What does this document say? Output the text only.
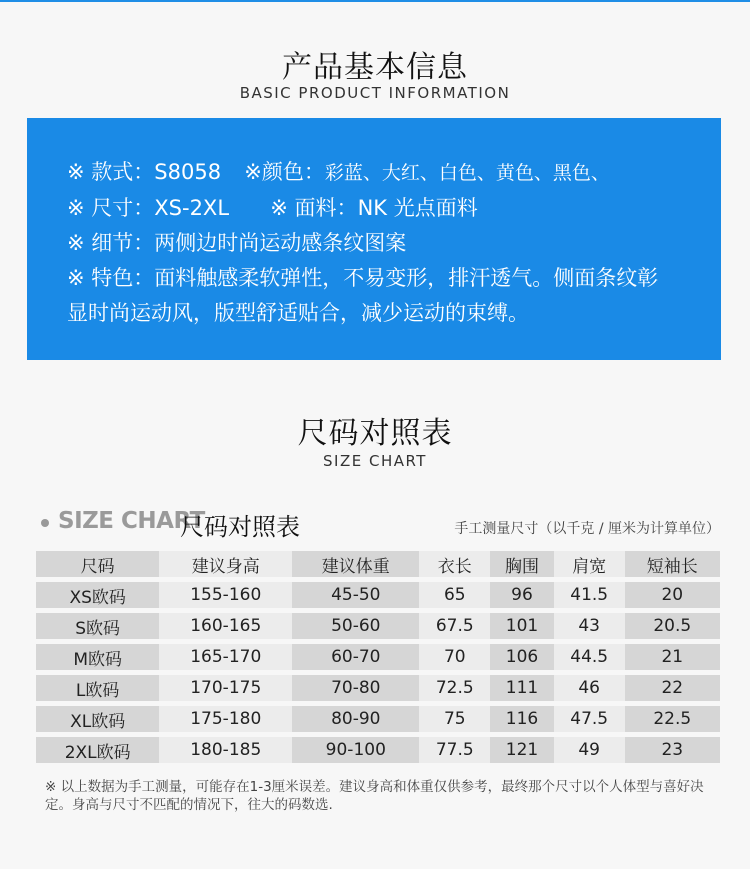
产品基本信息
BASIC PRODUCT INFORMATION
※ 款式：S8058 ※颜色：彩蓝、大红、白色、黄色、黑色、
※ 尺寸：XS-2XL ※ 面料：NK 光点面料
※ 细节：两侧边时尚运动感条纹图案
※ 特色：面料触感柔软弹性，不易变形，排汗透气。侧面条纹彰
显时尚运动风，版型舒适贴合，减少运动的束缚。
尺码对照表
SIZE CHART
SIZE CHART
尺码对照表	手工测量尺寸（以千克 / 厘米为计算单位）
尺码	建议身高	建议体重	衣长	胸围	肩宽	短袖长
XS欧码	155-160	45-50	65	96	41.5	20
S欧码	160-165	50-60	67.5	101	43	20.5
M欧码	165-170	60-70	70	106	44.5	21
L欧码	170-175	70-80	72.5	111	46	22
XL欧码	175-180	80-90	75	116	47.5	22.5
2XL欧码	180-185	90-100	77.5	121	49	23
※ 以上数据为手工测量，可能存在1-3厘米误差。建议身高和体重仅供参考，最终那个尺寸以个人体型与喜好决定。身高与尺寸不匹配的情况下，往大的码数选.
